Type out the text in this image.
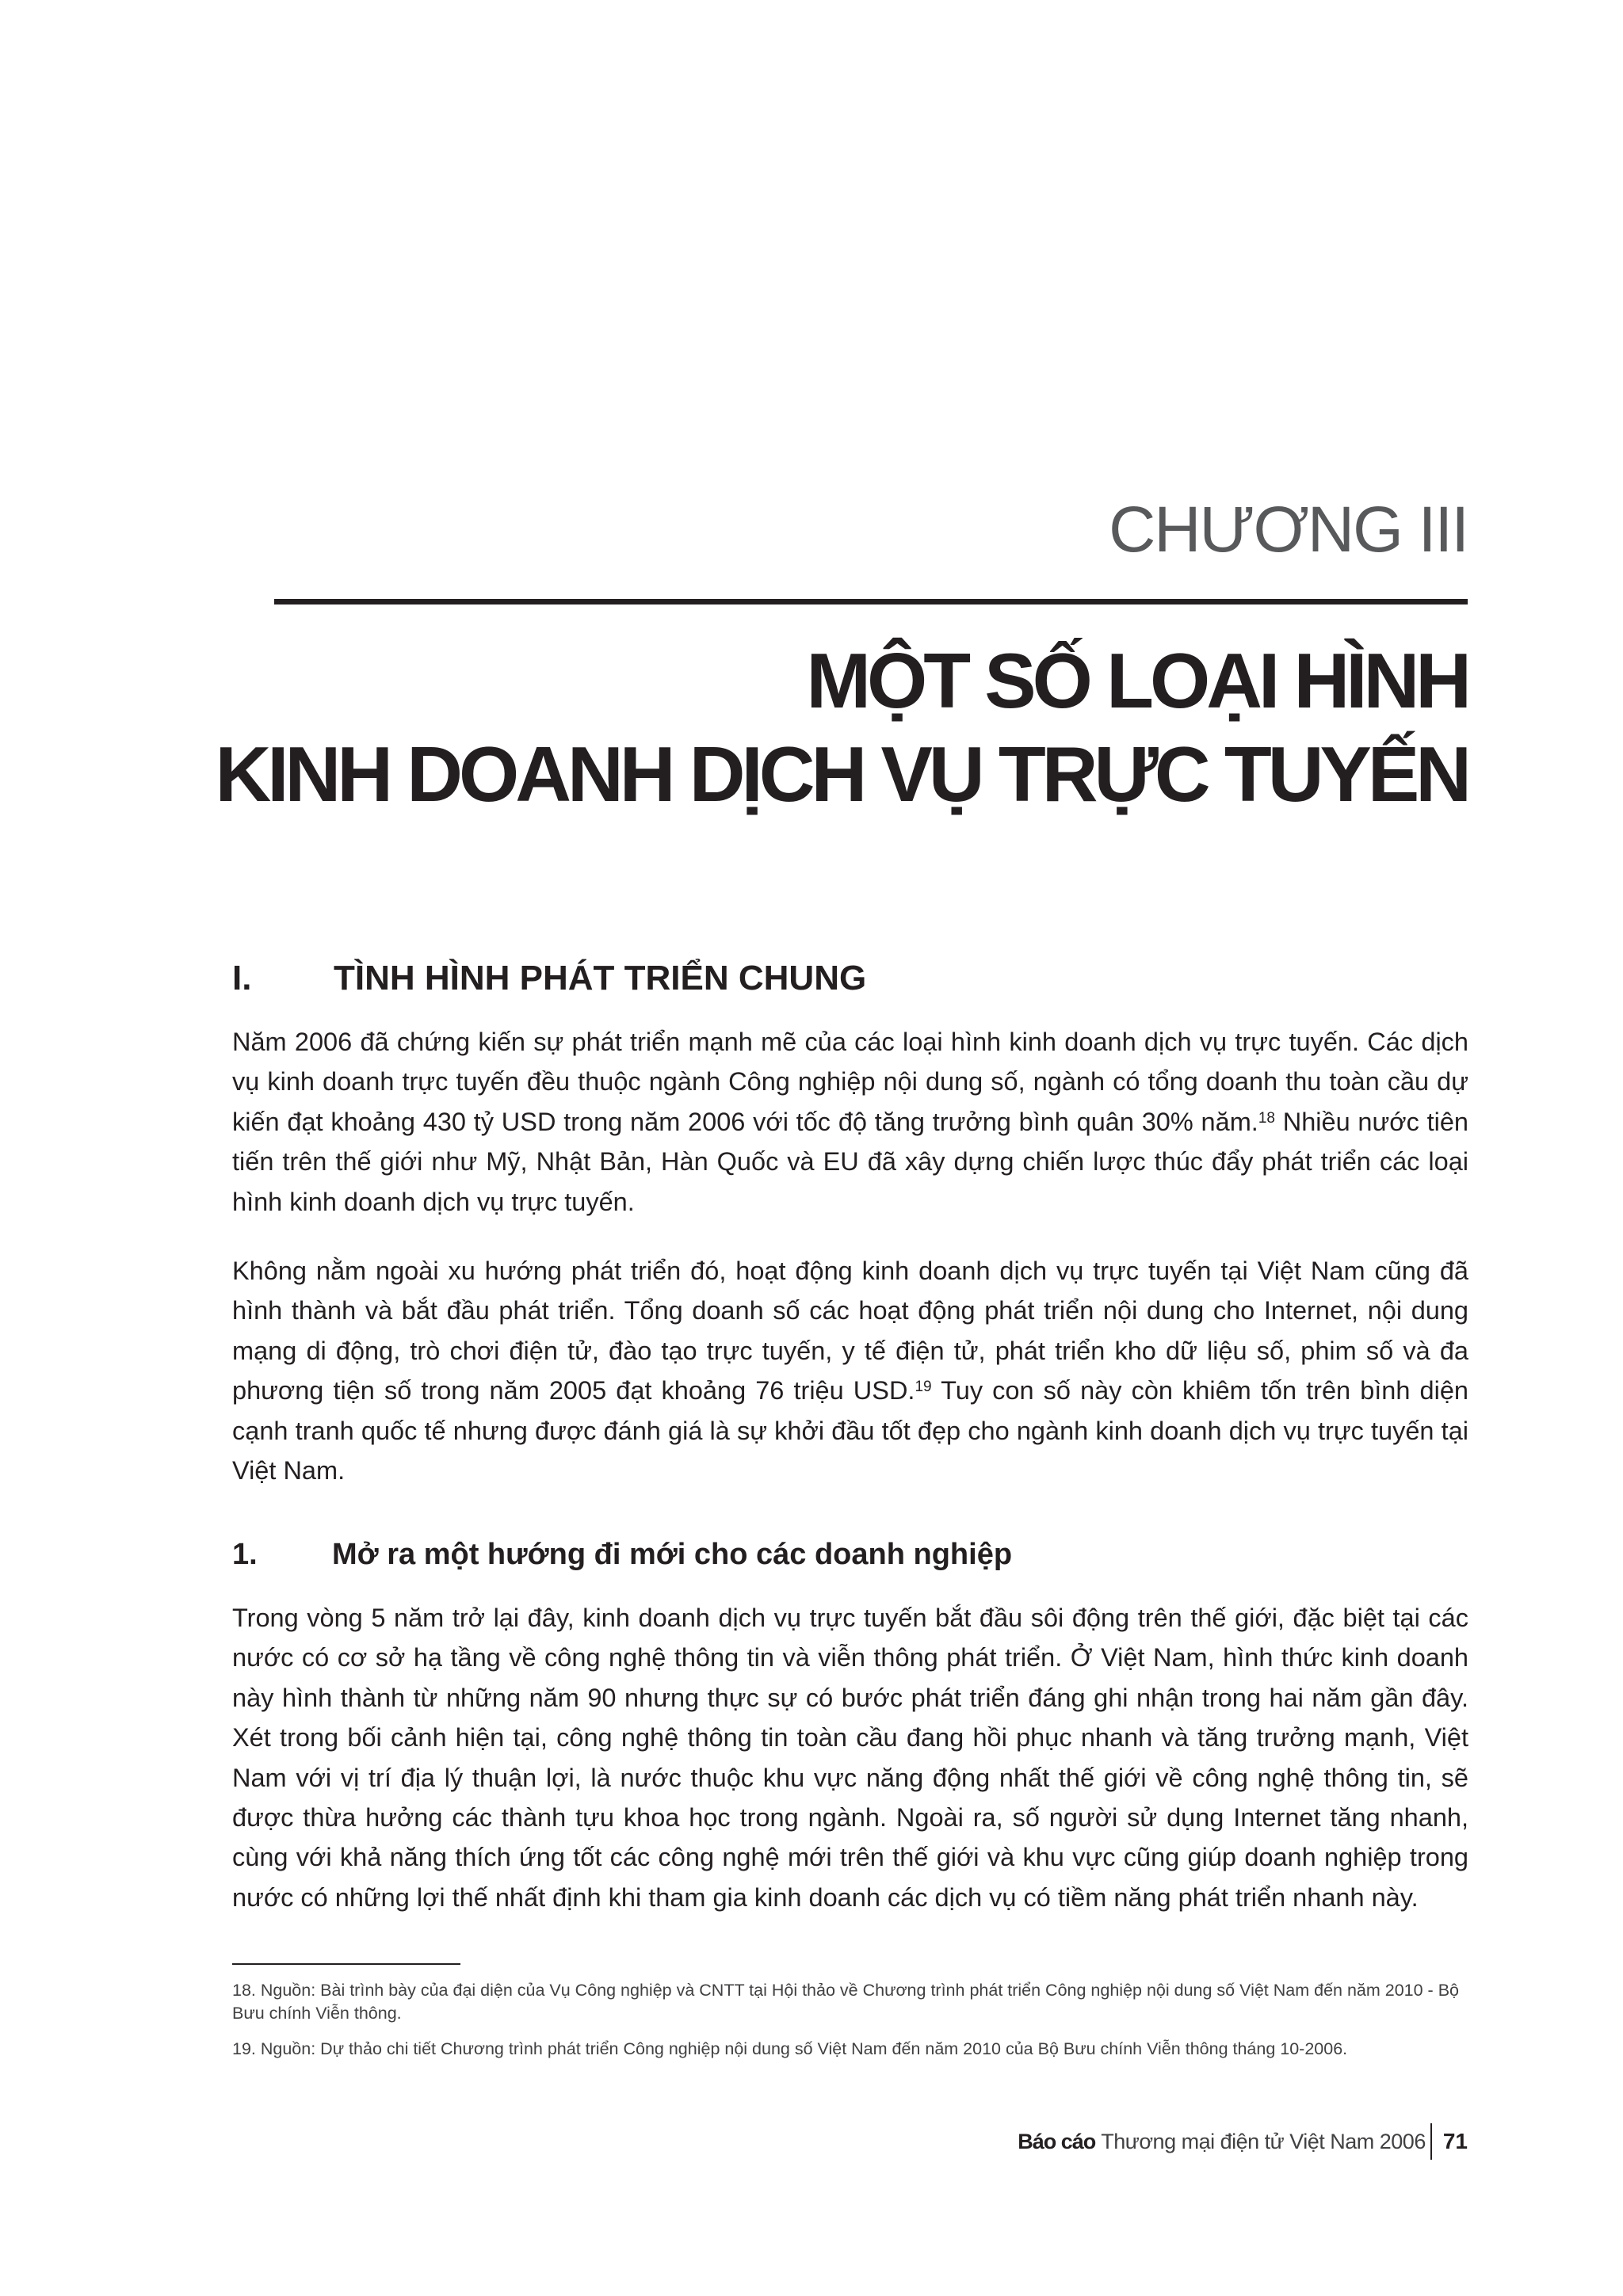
CHƯƠNG III
MỘT SỐ LOẠI HÌNH
KINH DOANH DỊCH VỤ TRỰC TUYẾN
I. TÌNH HÌNH PHÁT TRIỂN CHUNG

Năm 2006 đã chứng kiến sự phát triển mạnh mẽ của các loại hình kinh doanh dịch vụ trực tuyến. Các dịch vụ kinh doanh trực tuyến đều thuộc ngành Công nghiệp nội dung số, ngành có tổng doanh thu toàn cầu dự kiến đạt khoảng 430 tỷ USD trong năm 2006 với tốc độ tăng trưởng bình quân 30% năm.$^{18}$ Nhiều nước tiên tiến trên thế giới như Mỹ, Nhật Bản, Hàn Quốc và EU đã xây dựng chiến lược thúc đẩy phát triển các loại hình kinh doanh dịch vụ trực tuyến.

Không nằm ngoài xu hướng phát triển đó, hoạt động kinh doanh dịch vụ trực tuyến tại Việt Nam cũng đã hình thành và bắt đầu phát triển. Tổng doanh số các hoạt động phát triển nội dung cho Internet, nội dung mạng di động, trò chơi điện tử, đào tạo trực tuyến, y tế điện tử, phát triển kho dữ liệu số, phim số và đa phương tiện số trong năm 2005 đạt khoảng 76 triệu USD.$^{19}$ Tuy con số này còn khiêm tốn trên bình diện cạnh tranh quốc tế nhưng được đánh giá là sự khởi đầu tốt đẹp cho ngành kinh doanh dịch vụ trực tuyến tại Việt Nam.

1. Mở ra một hướng đi mới cho các doanh nghiệp

Trong vòng 5 năm trở lại đây, kinh doanh dịch vụ trực tuyến bắt đầu sôi động trên thế giới, đặc biệt tại các nước có cơ sở hạ tầng về công nghệ thông tin và viễn thông phát triển. Ở Việt Nam, hình thức kinh doanh này hình thành từ những năm 90 nhưng thực sự có bước phát triển đáng ghi nhận trong hai năm gần đây. Xét trong bối cảnh hiện tại, công nghệ thông tin toàn cầu đang hồi phục nhanh và tăng trưởng mạnh, Việt Nam với vị trí địa lý thuận lợi, là nước thuộc khu vực năng động nhất thế giới về công nghệ thông tin, sẽ được thừa hưởng các thành tựu khoa học trong ngành. Ngoài ra, số người sử dụng Internet tăng nhanh, cùng với khả năng thích ứng tốt các công nghệ mới trên thế giới và khu vực cũng giúp doanh nghiệp trong nước có những lợi thế nhất định khi tham gia kinh doanh các dịch vụ có tiềm năng phát triển nhanh này.

18. Nguồn: Bài trình bày của đại diện của Vụ Công nghiệp và CNTT tại Hội thảo về Chương trình phát triển Công nghiệp nội dung số Việt Nam đến năm 2010 - Bộ Bưu chính Viễn thông.
19. Nguồn: Dự thảo chi tiết Chương trình phát triển Công nghiệp nội dung số Việt Nam đến năm 2010 của Bộ Bưu chính Viễn thông tháng 10-2006.
Báo cáo Thương mại điện tử Việt Nam 2006 71
